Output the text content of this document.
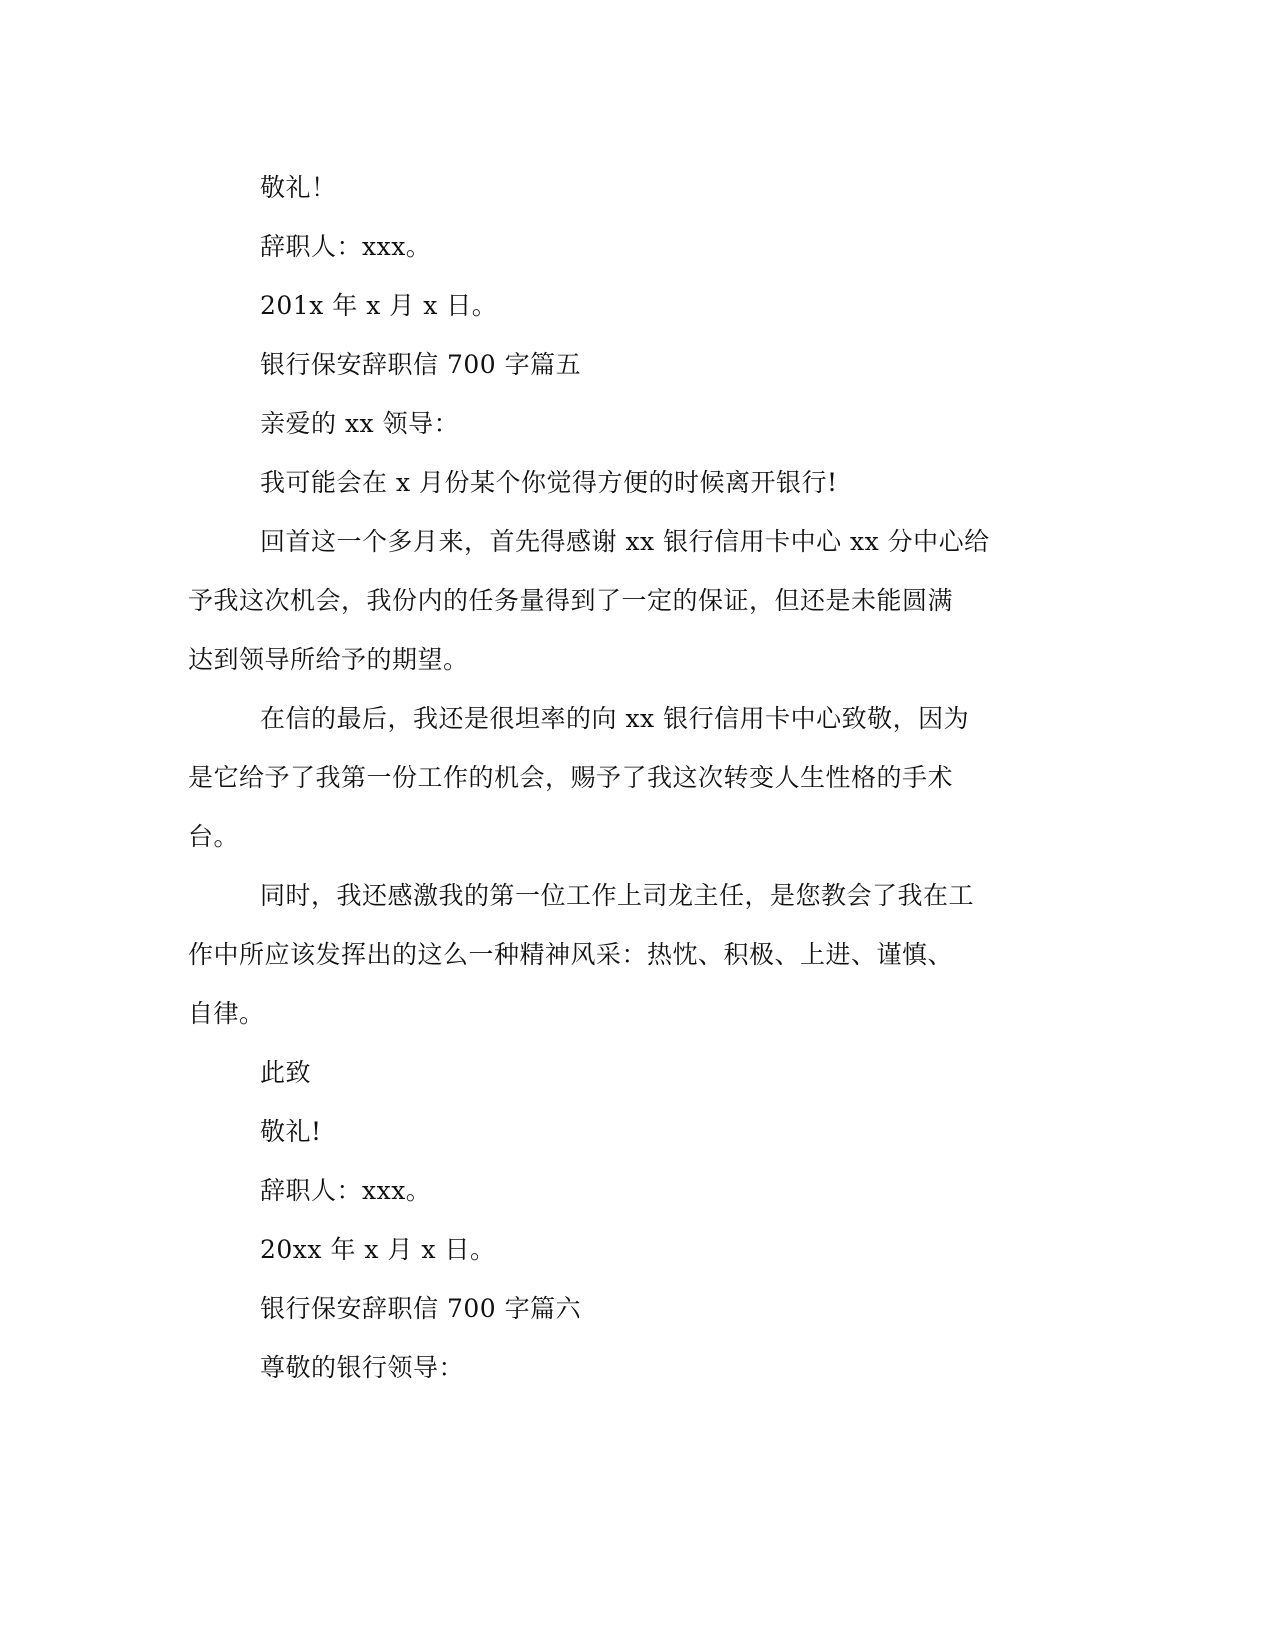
敬礼！
辞职人：xxx。
201x 年 x 月 x 日。
银行保安辞职信 700 字篇五
亲爱的 xx 领导：
我可能会在 x 月份某个你觉得方便的时候离开银行!
回首这一个多月来，首先得感谢 xx 银行信用卡中心 xx 分中心给
予我这次机会，我份内的任务量得到了一定的保证，但还是未能圆满
达到领导所给予的期望。
在信的最后，我还是很坦率的向 xx 银行信用卡中心致敬，因为
是它给予了我第一份工作的机会，赐予了我这次转变人生性格的手术
台。
同时，我还感激我的第一位工作上司龙主任，是您教会了我在工
作中所应该发挥出的这么一种精神风采：热忱、积极、上进、谨慎、
自律。
此致
敬礼!
辞职人：xxx。
20xx 年 x 月 x 日。
银行保安辞职信 700 字篇六
尊敬的银行领导：
